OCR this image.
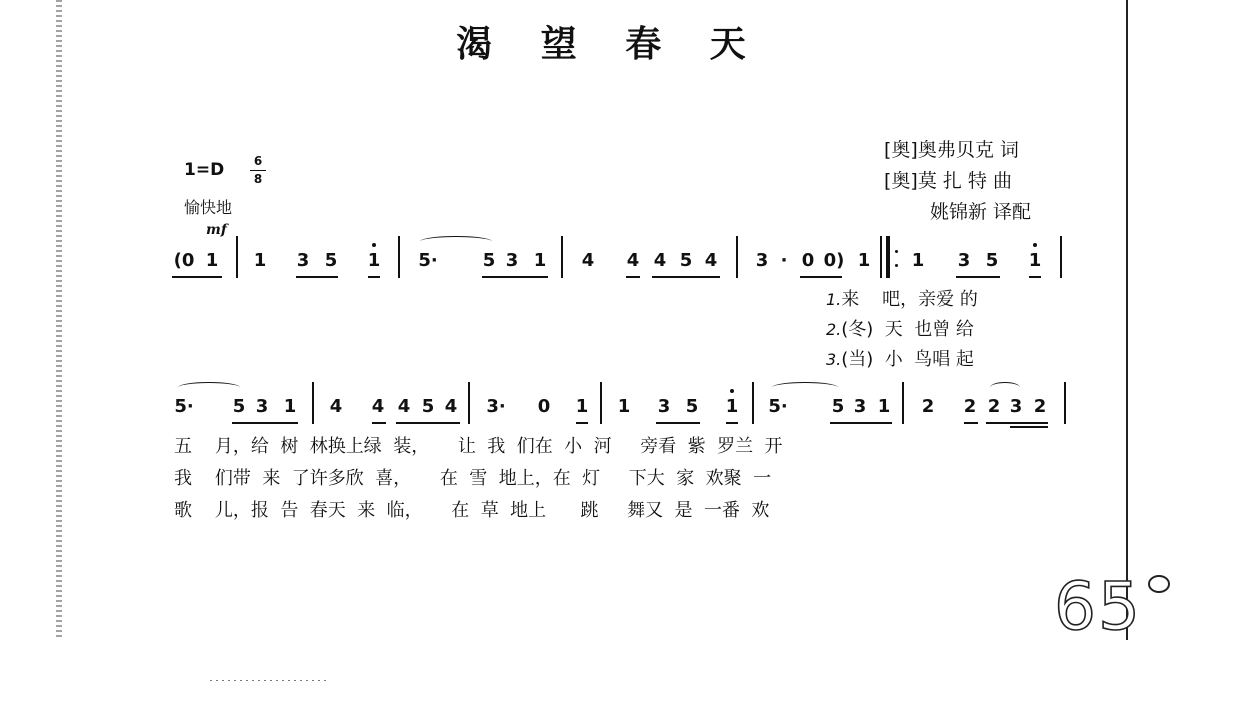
渴 望 春 天
[奥]奥弗贝克 词
[奥]莫 扎 特 曲
姚锦新 译配
1=D	6
8
愉快地
mf
(0 1 1 3 5 1 5·	5 3 1 4 4 4 5 4 3 · 0 0) 1 1 3 5 1
1.来    吧，亲爱 的
2.(冬)  天  也曾 给
3.(当)  小  鸟唱 起
5· 5 3 1 4 4 4 5 4 3· 0 1 1 3 5 1 5· 5 3 1 2 2 2 3 2
五    月，给  树  林换上绿  装，     让  我  们在  小  河     旁看  紫  罗兰  开
我    们带  来  了许多欣  喜，     在  雪  地上，在  灯     下大  家  欢聚  一
歌    儿，报  告  春天  来  临，     在  草  地上      跳     舞又  是  一番  欢
65
